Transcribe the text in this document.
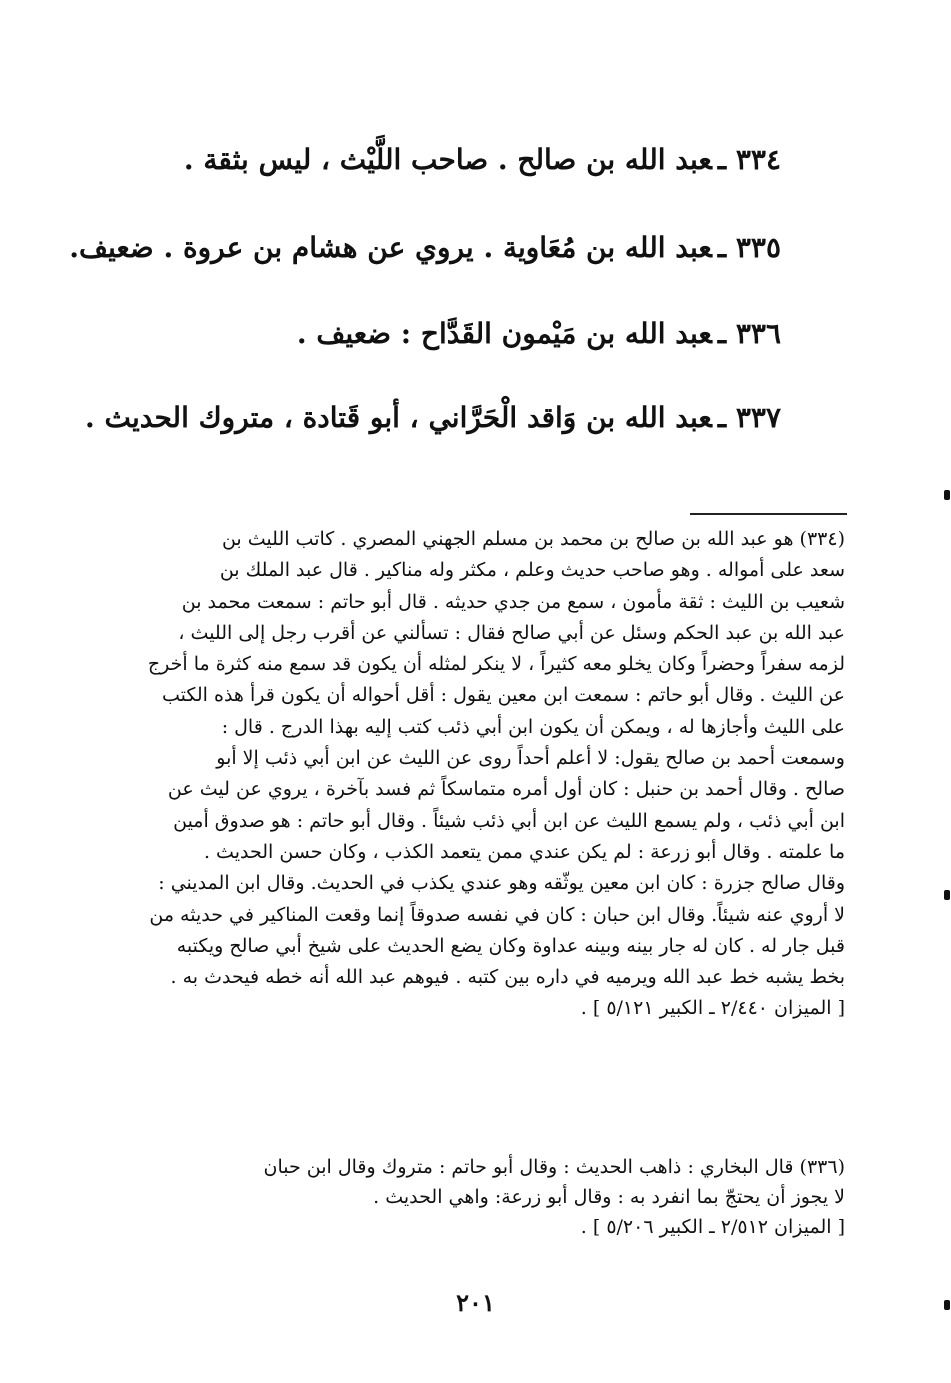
٣٣٤ ـعبد الله بن صالح . صاحب اللَّيْث ، ليس بثقة .
٣٣٥ ـعبد الله بن مُعَاوية . يروي عن هشام بن عروة . ضعيف.
٣٣٦ ـعبد الله بن مَيْمون القَدَّاح : ضعيف .
٣٣٧ ـعبد الله بن وَاقد الْحَرَّاني ، أبو قَتادة ، متروك الحديث .
(٣٣٤) هو عبد الله بن صالح بن محمد بن مسلم الجهني المصري . كاتب الليث بن
سعد على أمواله . وهو صاحب حديث وعلم ، مكثر وله مناكير . قال عبد الملك بن
شعيب بن الليث : ثقة مأمون ، سمع من جدي حديثه . قال أبو حاتم : سمعت محمد بن
عبد الله بن عبد الحكم وسئل عن أبي صالح فقال : تسألني عن أقرب رجل إلى الليث ،
لزمه سفراً وحضراً وكان يخلو معه كثيراً ، لا ينكر لمثله أن يكون قد سمع منه كثرة ما أخرج
عن الليث . وقال أبو حاتم : سمعت ابن معين يقول : أقل أحواله أن يكون قرأ هذه الكتب
على الليث وأجازها له ، ويمكن أن يكون ابن أبي ذئب كتب إليه بهذا الدرج . قال :
وسمعت أحمد بن صالح يقول: لا أعلم أحداً روى عن الليث عن ابن أبي ذئب إلا أبو
صالح . وقال أحمد بن حنبل : كان أول أمره متماسكاً ثم فسد بآخرة ، يروي عن ليث عن
ابن أبي ذئب ، ولم يسمع الليث عن ابن أبي ذئب شيئاً . وقال أبو حاتم : هو صدوق أمين
ما علمته . وقال أبو زرعة : لم يكن عندي ممن يتعمد الكذب ، وكان حسن الحديث .
وقال صالح جزرة : كان ابن معين يوثّقه وهو عندي يكذب في الحديث. وقال ابن المديني :
لا أروي عنه شيئاً. وقال ابن حبان : كان في نفسه صدوقاً إنما وقعت المناكير في حديثه من
قبل جار له . كان له جار بينه وبينه عداوة وكان يضع الحديث على شيخ أبي صالح ويكتبه
بخط يشبه خط عبد الله ويرميه في داره بين كتبه . فيوهم عبد الله أنه خطه فيحدث به .
[ الميزان ٢/٤٤٠ ـ الكبير ٥/١٢١ ] .
(٣٣٦) قال البخاري : ذاهب الحديث : وقال أبو حاتم : متروك وقال ابن حبان
لا يجوز أن يحتجّ بما انفرد به : وقال أبو زرعة: واهي الحديث .
[ الميزان ٢/٥١٢ ـ الكبير ٥/٢٠٦ ] .
٢٠١
